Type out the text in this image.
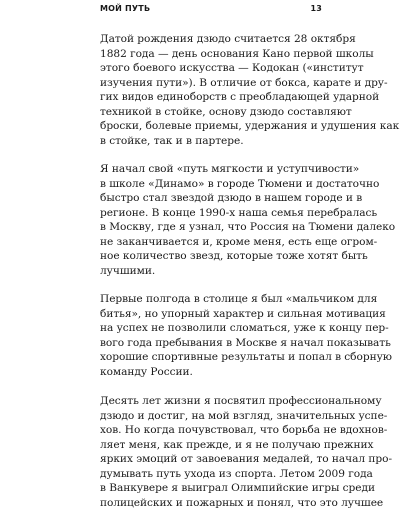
МОЙ ПУТЬ	13

Датой рождения дзюдо считается 28 октября
1882 года — день основания Кано первой школы
этого боевого искусства — Кодокан («институт
изучения пути»). В отличие от бокса, карате и дру-
гих видов единоборств с преобладающей ударной
техникой в стойке, основу дзюдо составляют
броски, болевые приемы, удержания и удушения как
в стойке, так и в партере.

Я начал свой «путь мягкости и уступчивости»
в школе «Динамо» в городе Тюмени и достаточно
быстро стал звездой дзюдо в нашем городе и в
регионе. В конце 1990-х наша семья перебралась
в Москву, где я узнал, что Россия на Тюмени далеко
не заканчивается и, кроме меня, есть еще огром-
ное количество звезд, которые тоже хотят быть
лучшими.

Первые полгода в столице я был «мальчиком для
битья», но упорный характер и сильная мотивация
на успех не позволили сломаться, уже к концу пер-
вого года пребывания в Москве я начал показывать
хорошие спортивные результаты и попал в сборную
команду России.

Десять лет жизни я посвятил профессиональному
дзюдо и достиг, на мой взгляд, значительных успе-
хов. Но когда почувствовал, что борьба не вдохнов-
ляет меня, как прежде, и я не получаю прежних
ярких эмоций от завоевания медалей, то начал про-
думывать путь ухода из спорта. Летом 2009 года
в Ванкувере я выиграл Олимпийские игры среди
полицейских и пожарных и понял, что это лучшее
